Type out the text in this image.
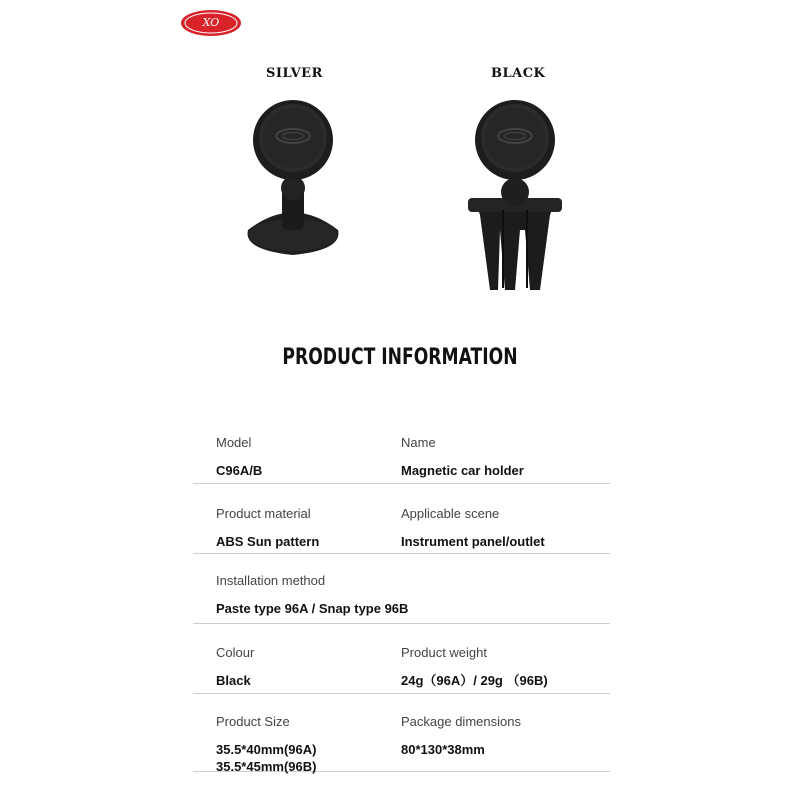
XO
SILVER	BLACK
PRODUCT INFORMATION
Model
C96A/B
Name
Magnetic car holder
Product material
ABS Sun pattern
Applicable scene
Instrument panel/outlet
Installation method
Paste type 96A / Snap type 96B
Colour
Black
Product weight
24g（96A）/ 29g （96B)
Product Size
35.5*40mm(96A)
35.5*45mm(96B)
Package dimensions
80*130*38mm
